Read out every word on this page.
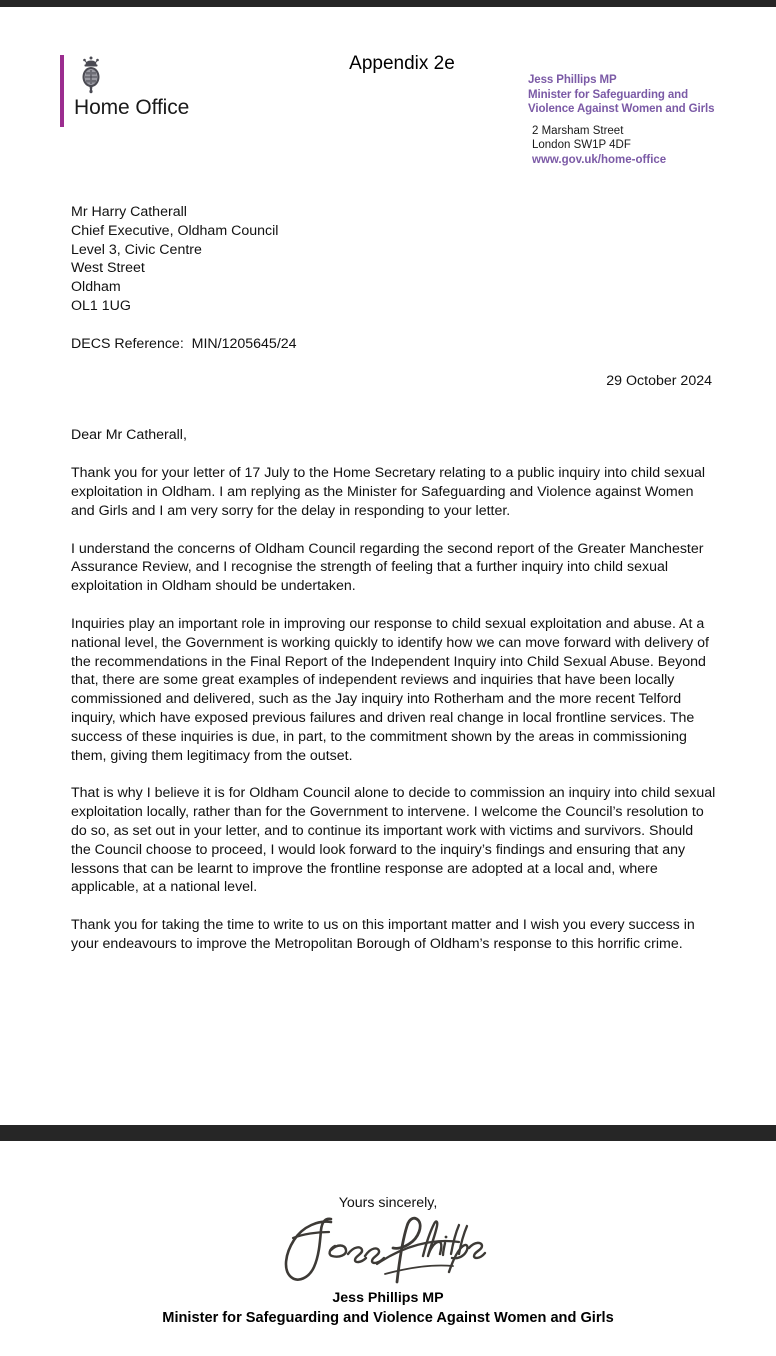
Home Office
Appendix 2e
Jess Phillips MP
Minister for Safeguarding and
Violence Against Women and Girls
2 Marsham Street
London SW1P 4DF
www.gov.uk/home-office
Mr Harry Catherall
Chief Executive, Oldham Council
Level 3, Civic Centre
West Street
Oldham
OL1 1UG
DECS Reference:  MIN/1205645/24
29 October 2024
Dear Mr Catherall,

Thank you for your letter of 17 July to the Home Secretary relating to a public inquiry into child sexual exploitation in Oldham. I am replying as the Minister for Safeguarding and Violence against Women and Girls and I am very sorry for the delay in responding to your letter.

I understand the concerns of Oldham Council regarding the second report of the Greater Manchester Assurance Review, and I recognise the strength of feeling that a further inquiry into child sexual exploitation in Oldham should be undertaken.

Inquiries play an important role in improving our response to child sexual exploitation and abuse. At a national level, the Government is working quickly to identify how we can move forward with delivery of the recommendations in the Final Report of the Independent Inquiry into Child Sexual Abuse. Beyond that, there are some great examples of independent reviews and inquiries that have been locally commissioned and delivered, such as the Jay inquiry into Rotherham and the more recent Telford inquiry, which have exposed previous failures and driven real change in local frontline services. The success of these inquiries is due, in part, to the commitment shown by the areas in commissioning them, giving them legitimacy from the outset.

That is why I believe it is for Oldham Council alone to decide to commission an inquiry into child sexual exploitation locally, rather than for the Government to intervene. I welcome the Council’s resolution to do so, as set out in your letter, and to continue its important work with victims and survivors. Should the Council choose to proceed, I would look forward to the inquiry’s findings and ensuring that any lessons that can be learnt to improve the frontline response are adopted at a local and, where applicable, at a national level.

Thank you for taking the time to write to us on this important matter and I wish you every success in your endeavours to improve the Metropolitan Borough of Oldham’s response to this horrific crime.

Yours sincerely,
Jess Phillips MP
Minister for Safeguarding and Violence Against Women and Girls
